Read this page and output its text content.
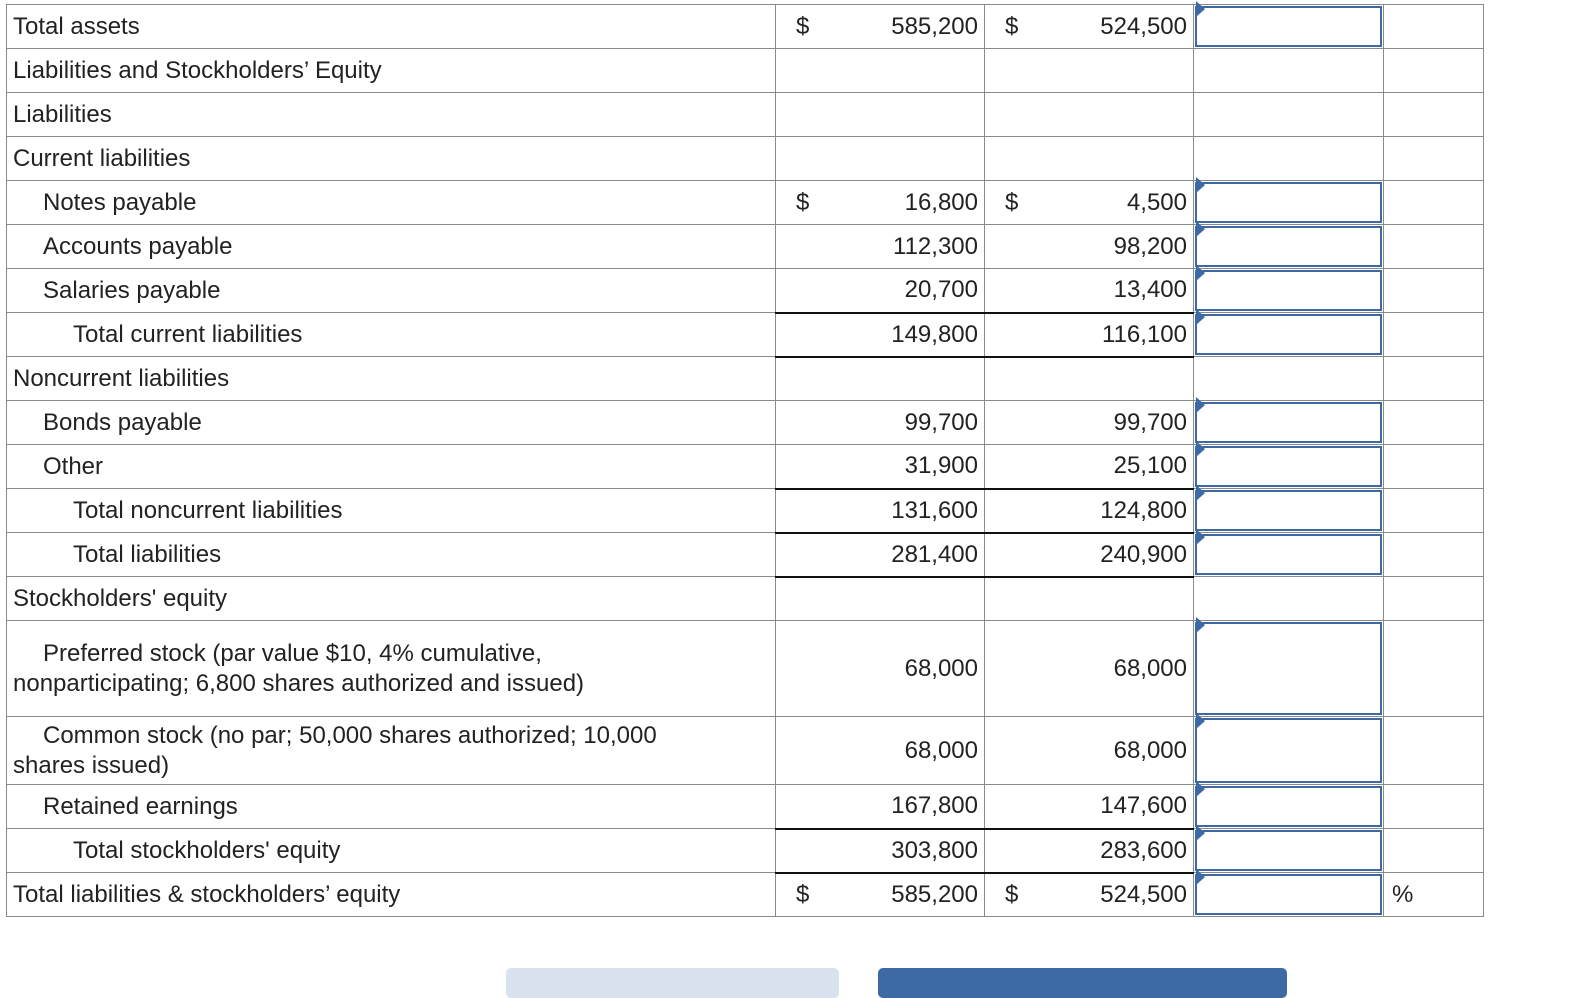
Total assets	$ 585,200	$ 524,500

Liabilities and Stockholders’ Equity				
Liabilities				
Current liabilities				
Notes payable	$ 16,800	$ 4,500

Accounts payable	112,300	98,200

Salaries payable	20,700	13,400

Total current liabilities	149,800	116,100

Noncurrent liabilities				
Bonds payable	99,700	99,700

Other	31,900	25,100

Total noncurrent liabilities	131,600	124,800

Total liabilities	281,400	240,900

Stockholders' equity				

Preferred stock (par value $10, 4% cumulative,
nonparticipating; 6,800 shares authorized and issued)	68,000	68,000

Common stock (no par; 50,000 shares authorized; 10,000
shares issued)	68,000	68,000

Retained earnings	167,800	147,600

Total stockholders' equity	303,800	283,600

Total liabilities & stockholders’ equity	$ 585,200	$ 524,500		%
